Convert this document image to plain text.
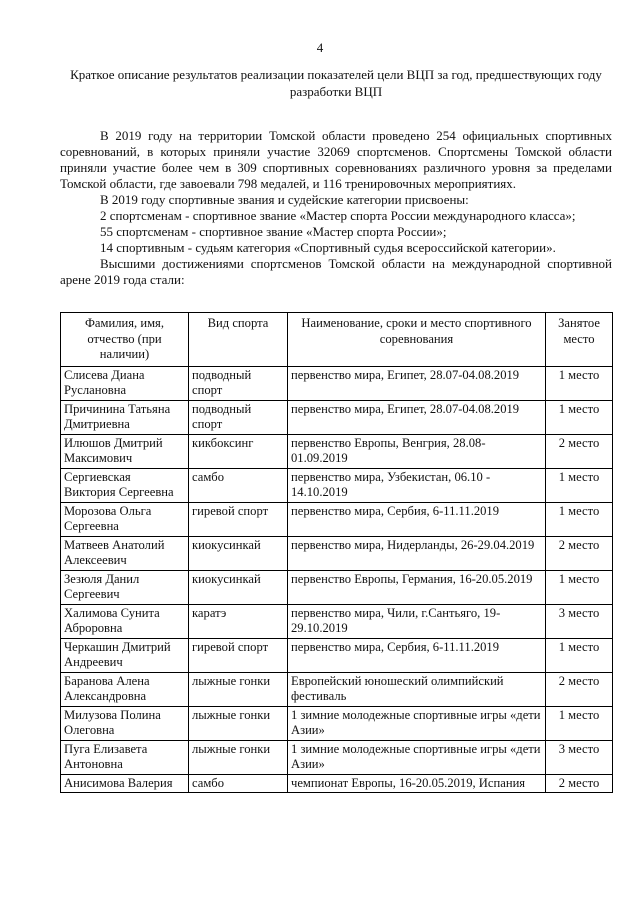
4
Краткое описание результатов реализации показателей цели ВЦП за год, предшествующих году разработки ВЦП

В 2019 году на территории Томской области проведено 254 официальных спортивных соревнований, в которых приняли участие 32069 спортсменов. Спортсмены Томской области приняли участие более чем в 309 спортивных соревнованиях различного уровня за пределами Томской области, где завоевали 798 медалей, и 116 тренировочных мероприятиях.

В 2019 году спортивные звания и судейские категории присвоены:

2 спортсменам - спортивное звание «Мастер спорта России международного класса»;

55 спортсменам - спортивное звание «Мастер спорта России»;

14 спортивным - судьям категория «Спортивный судья всероссийской категории».

Высшими достижениями спортсменов Томской области на международной спортивной арене 2019 года стали:

Фамилия, имя, отчество (при наличии)	Вид спорта	Наименование, сроки и место спортивного соревнования	Занятое место
Слисева Диана Руслановна	подводный спорт	первенство мира, Египет, 28.07-04.08.2019	1 место
Причинина Татьяна Дмитриевна	подводный спорт	первенство мира, Египет, 28.07-04.08.2019	1 место
Илюшов Дмитрий Максимович	кикбоксинг	первенство Европы, Венгрия, 28.08-01.09.2019	2 место
Сергиевская Виктория Сергеевна	самбо	первенство мира, Узбекистан, 06.10 - 14.10.2019	1 место
Морозова Ольга Сергеевна	гиревой спорт	первенство мира, Сербия, 6-11.11.2019	1 место
Матвеев Анатолий Алексеевич	киокусинкай	первенство мира, Нидерланды, 26-29.04.2019	2 место
Зезюля Данил Сергеевич	киокусинкай	первенство Европы, Германия, 16-20.05.2019	1 место
Халимова Сунита Аброровна	каратэ	первенство мира, Чили, г.Сантьяго, 19-29.10.2019	3 место
Черкашин Дмитрий Андреевич	гиревой спорт	первенство мира, Сербия, 6-11.11.2019	1 место
Баранова Алена Александровна	лыжные гонки	Европейский юношеский олимпийский фестиваль	2 место
Милузова Полина Олеговна	лыжные гонки	1 зимние молодежные спортивные игры «дети Азии»	1 место
Пуга Елизавета Антоновна	лыжные гонки	1 зимние молодежные спортивные игры «дети Азии»	3 место
Анисимова Валерия	самбо	чемпионат Европы, 16-20.05.2019, Испания	2 место
